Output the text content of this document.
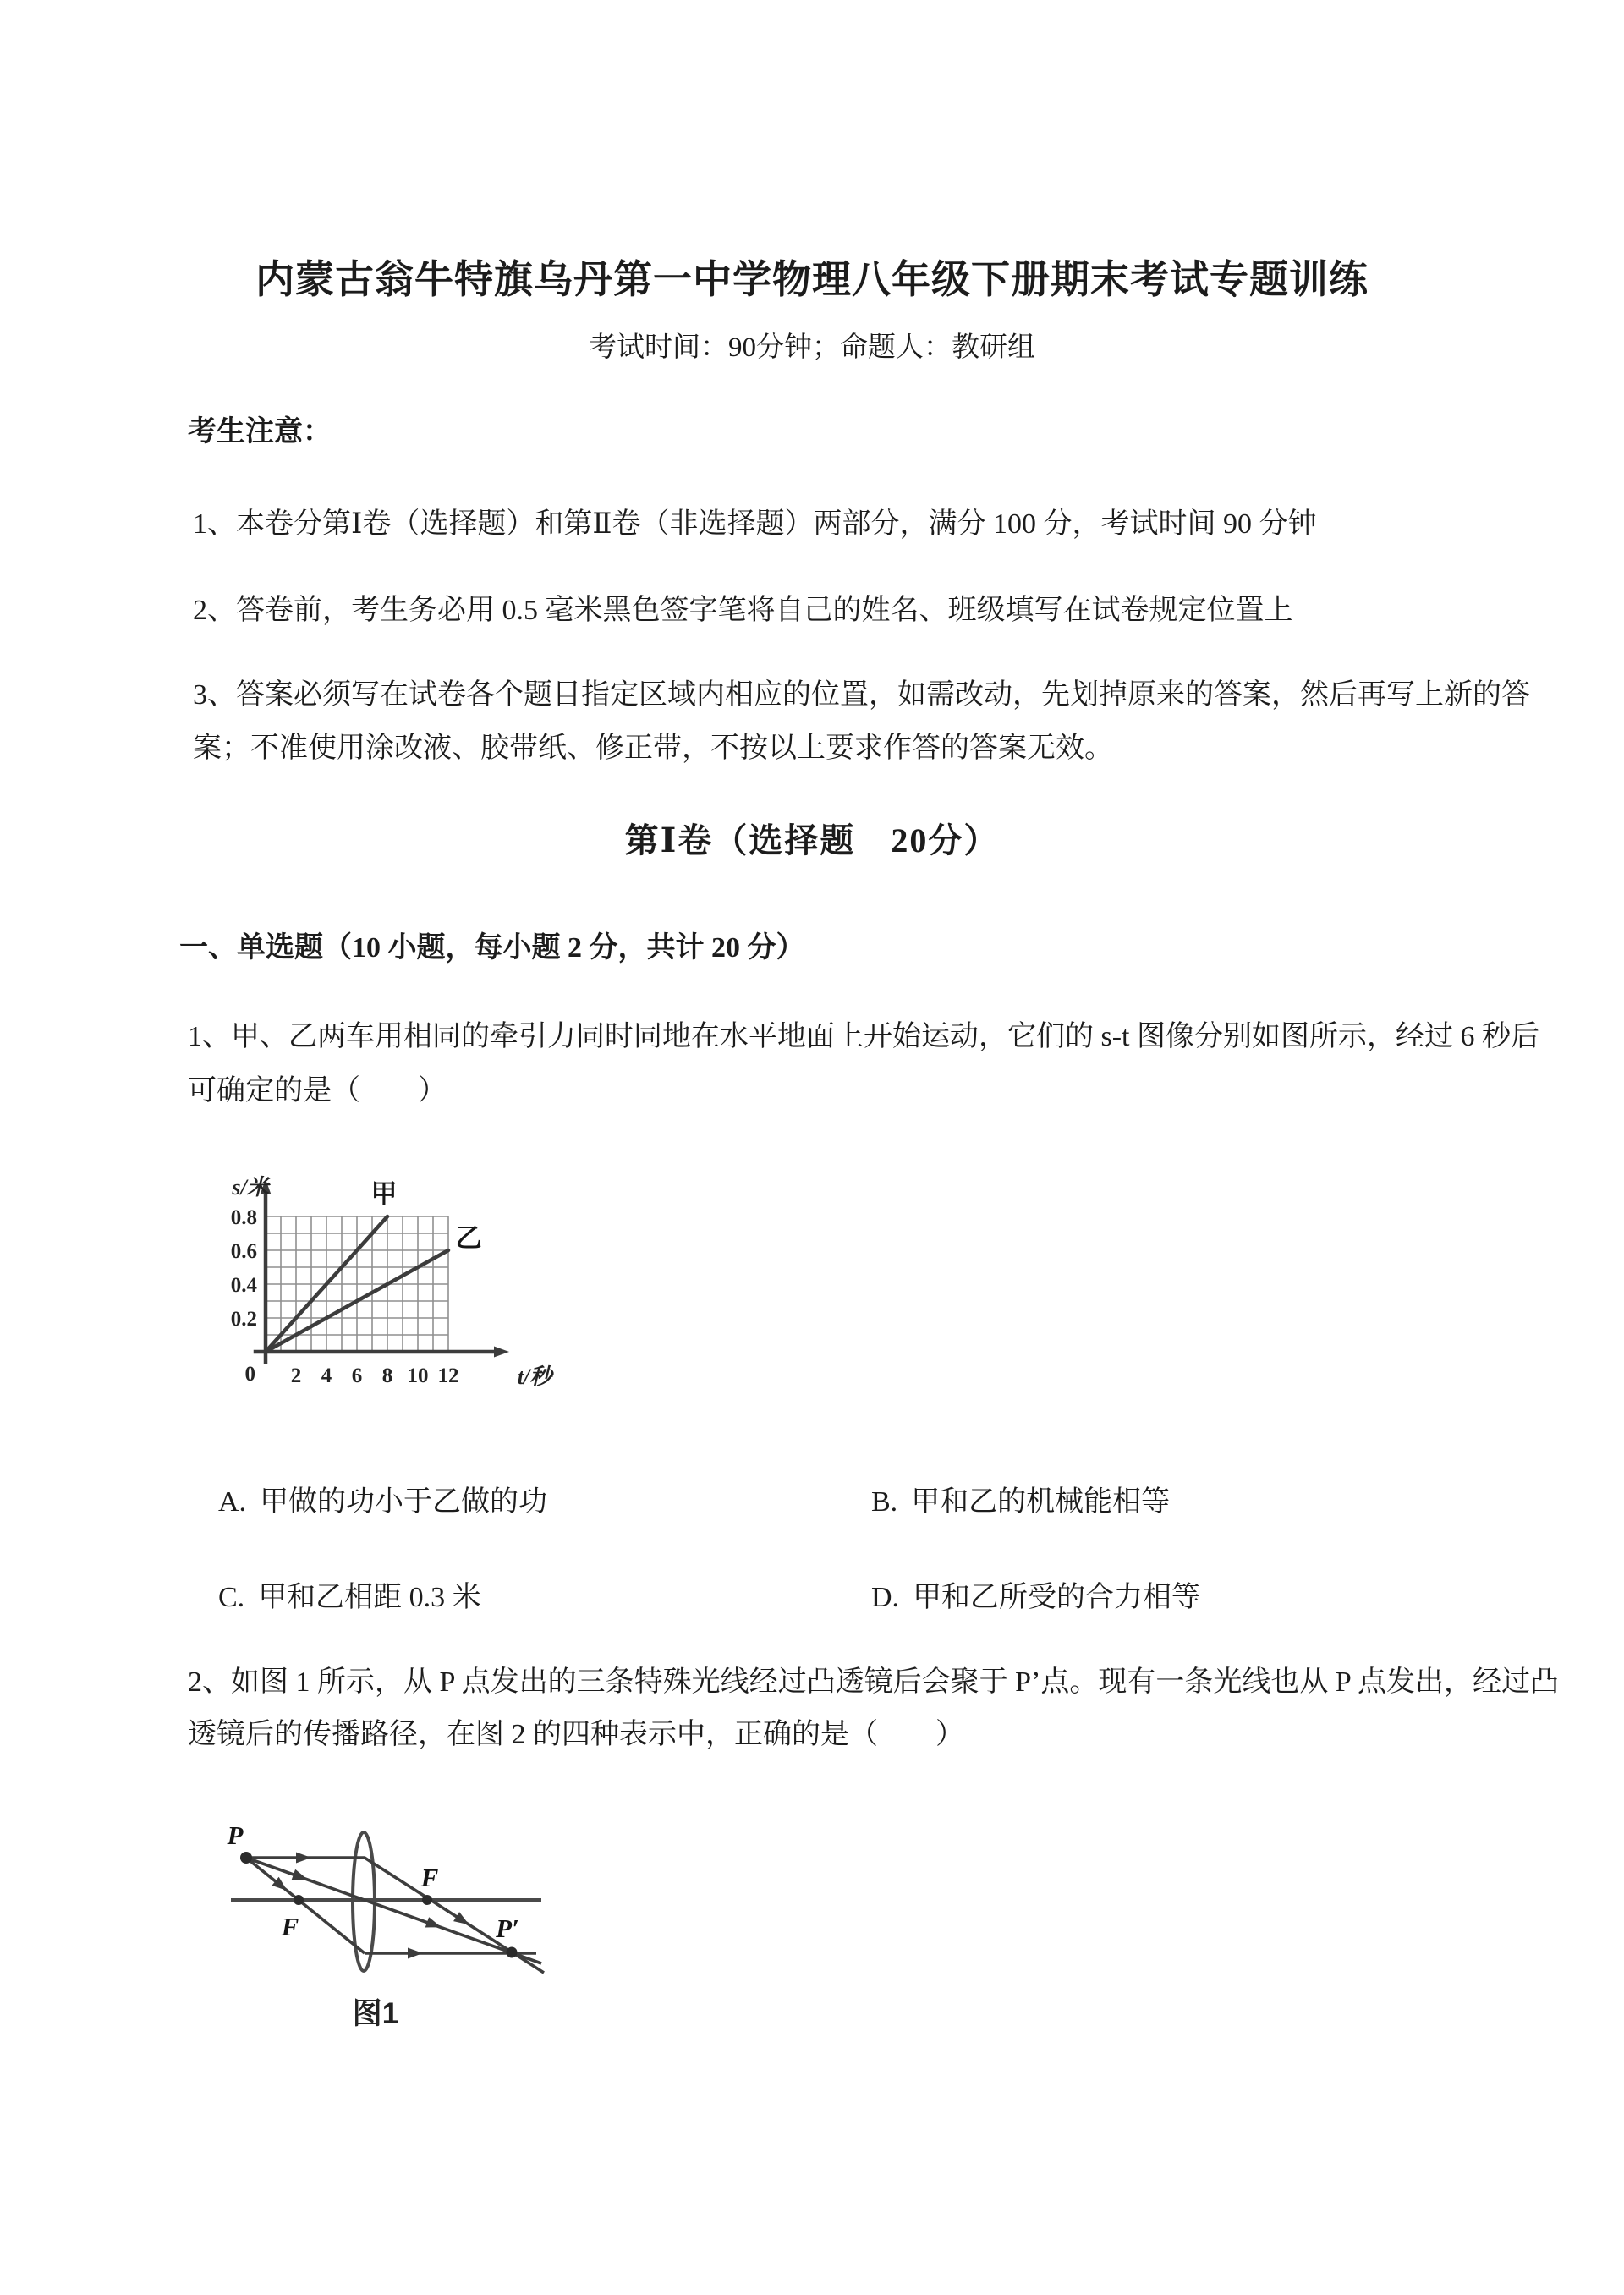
内蒙古翁牛特旗乌丹第一中学物理八年级下册期末考试专题训练
考试时间：90分钟；命题人：教研组
考生注意：
1、本卷分第Ⅰ卷（选择题）和第Ⅱ卷（非选择题）两部分，满分 100 分，考试时间 90 分钟
2、答卷前，考生务必用 0.5 毫米黑色签字笔将自己的姓名、班级填写在试卷规定位置上
3、答案必须写在试卷各个题目指定区域内相应的位置，如需改动，先划掉原来的答案，然后再写上新的答案；不准使用涂改液、胶带纸、修正带，不按以上要求作答的答案无效。
第Ⅰ卷（选择题　20分）
一、单选题（10 小题，每小题 2 分，共计 20 分）
1、甲、乙两车用相同的牵引力同时同地在水平地面上开始运动，它们的 s-t 图像分别如图所示，经过 6 秒后可确定的是（　　）
0.2
0.4
0.6
0.8
2 4 6 8 10 12
0
s/米
t/秒
甲
乙
A. 甲做的功小于乙做的功	B. 甲和乙的机械能相等
C. 甲和乙相距 0.3 米	D. 甲和乙所受的合力相等
2、如图 1 所示，从 P 点发出的三条特殊光线经过凸透镜后会聚于 P’点。现有一条光线也从 P 点发出，经过凸透镜后的传播路径，在图 2 的四种表示中，正确的是（　　）
P
F
F
P′
图1
